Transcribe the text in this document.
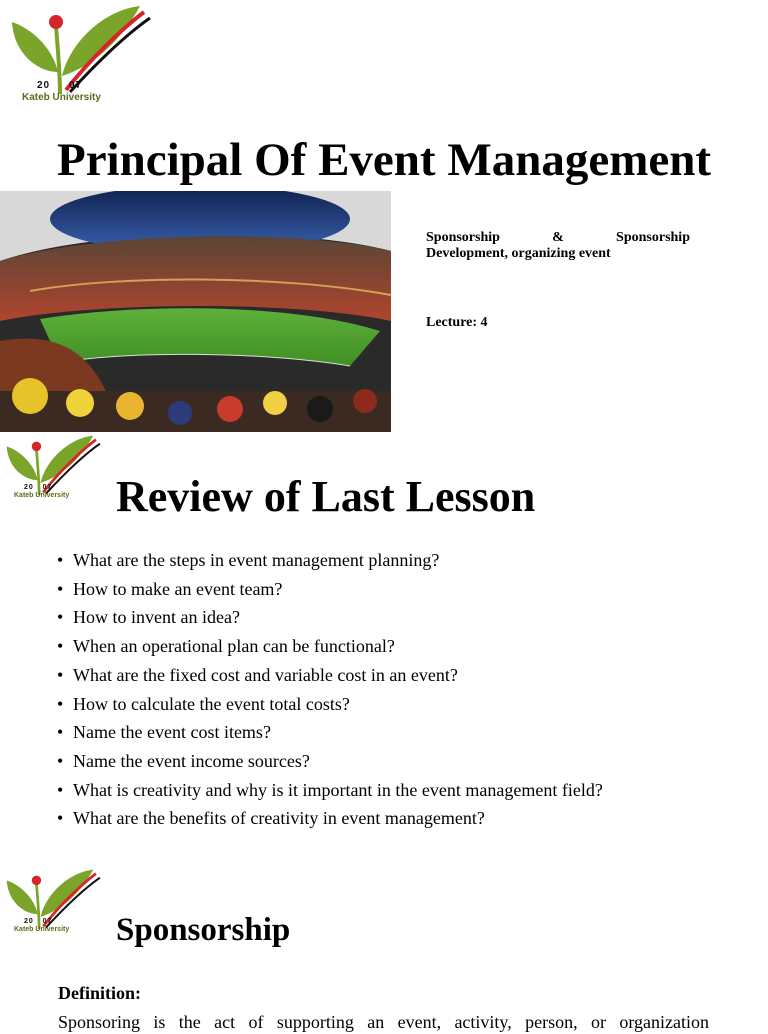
20 07
Kateb University
Principal Of Event Management
Sponsorship	&	Sponsorship
Development, organizing event
Lecture: 4
20 07
Kateb University Review of Last Lesson
• What are the steps in event management planning?
• How to make an event team?
• How to invent an idea?
• When an operational plan can be functional?
• What are the fixed cost and variable cost in an event?
• How to calculate the event total costs?
• Name the event cost items?
• Name the event income sources?
• What is creativity and why is it important in the event management field?
• What are the benefits of creativity in event management?
20 07
Kateb University Sponsorship
Definition:
Sponsoring is the act of supporting an event, activity, person, or organization
